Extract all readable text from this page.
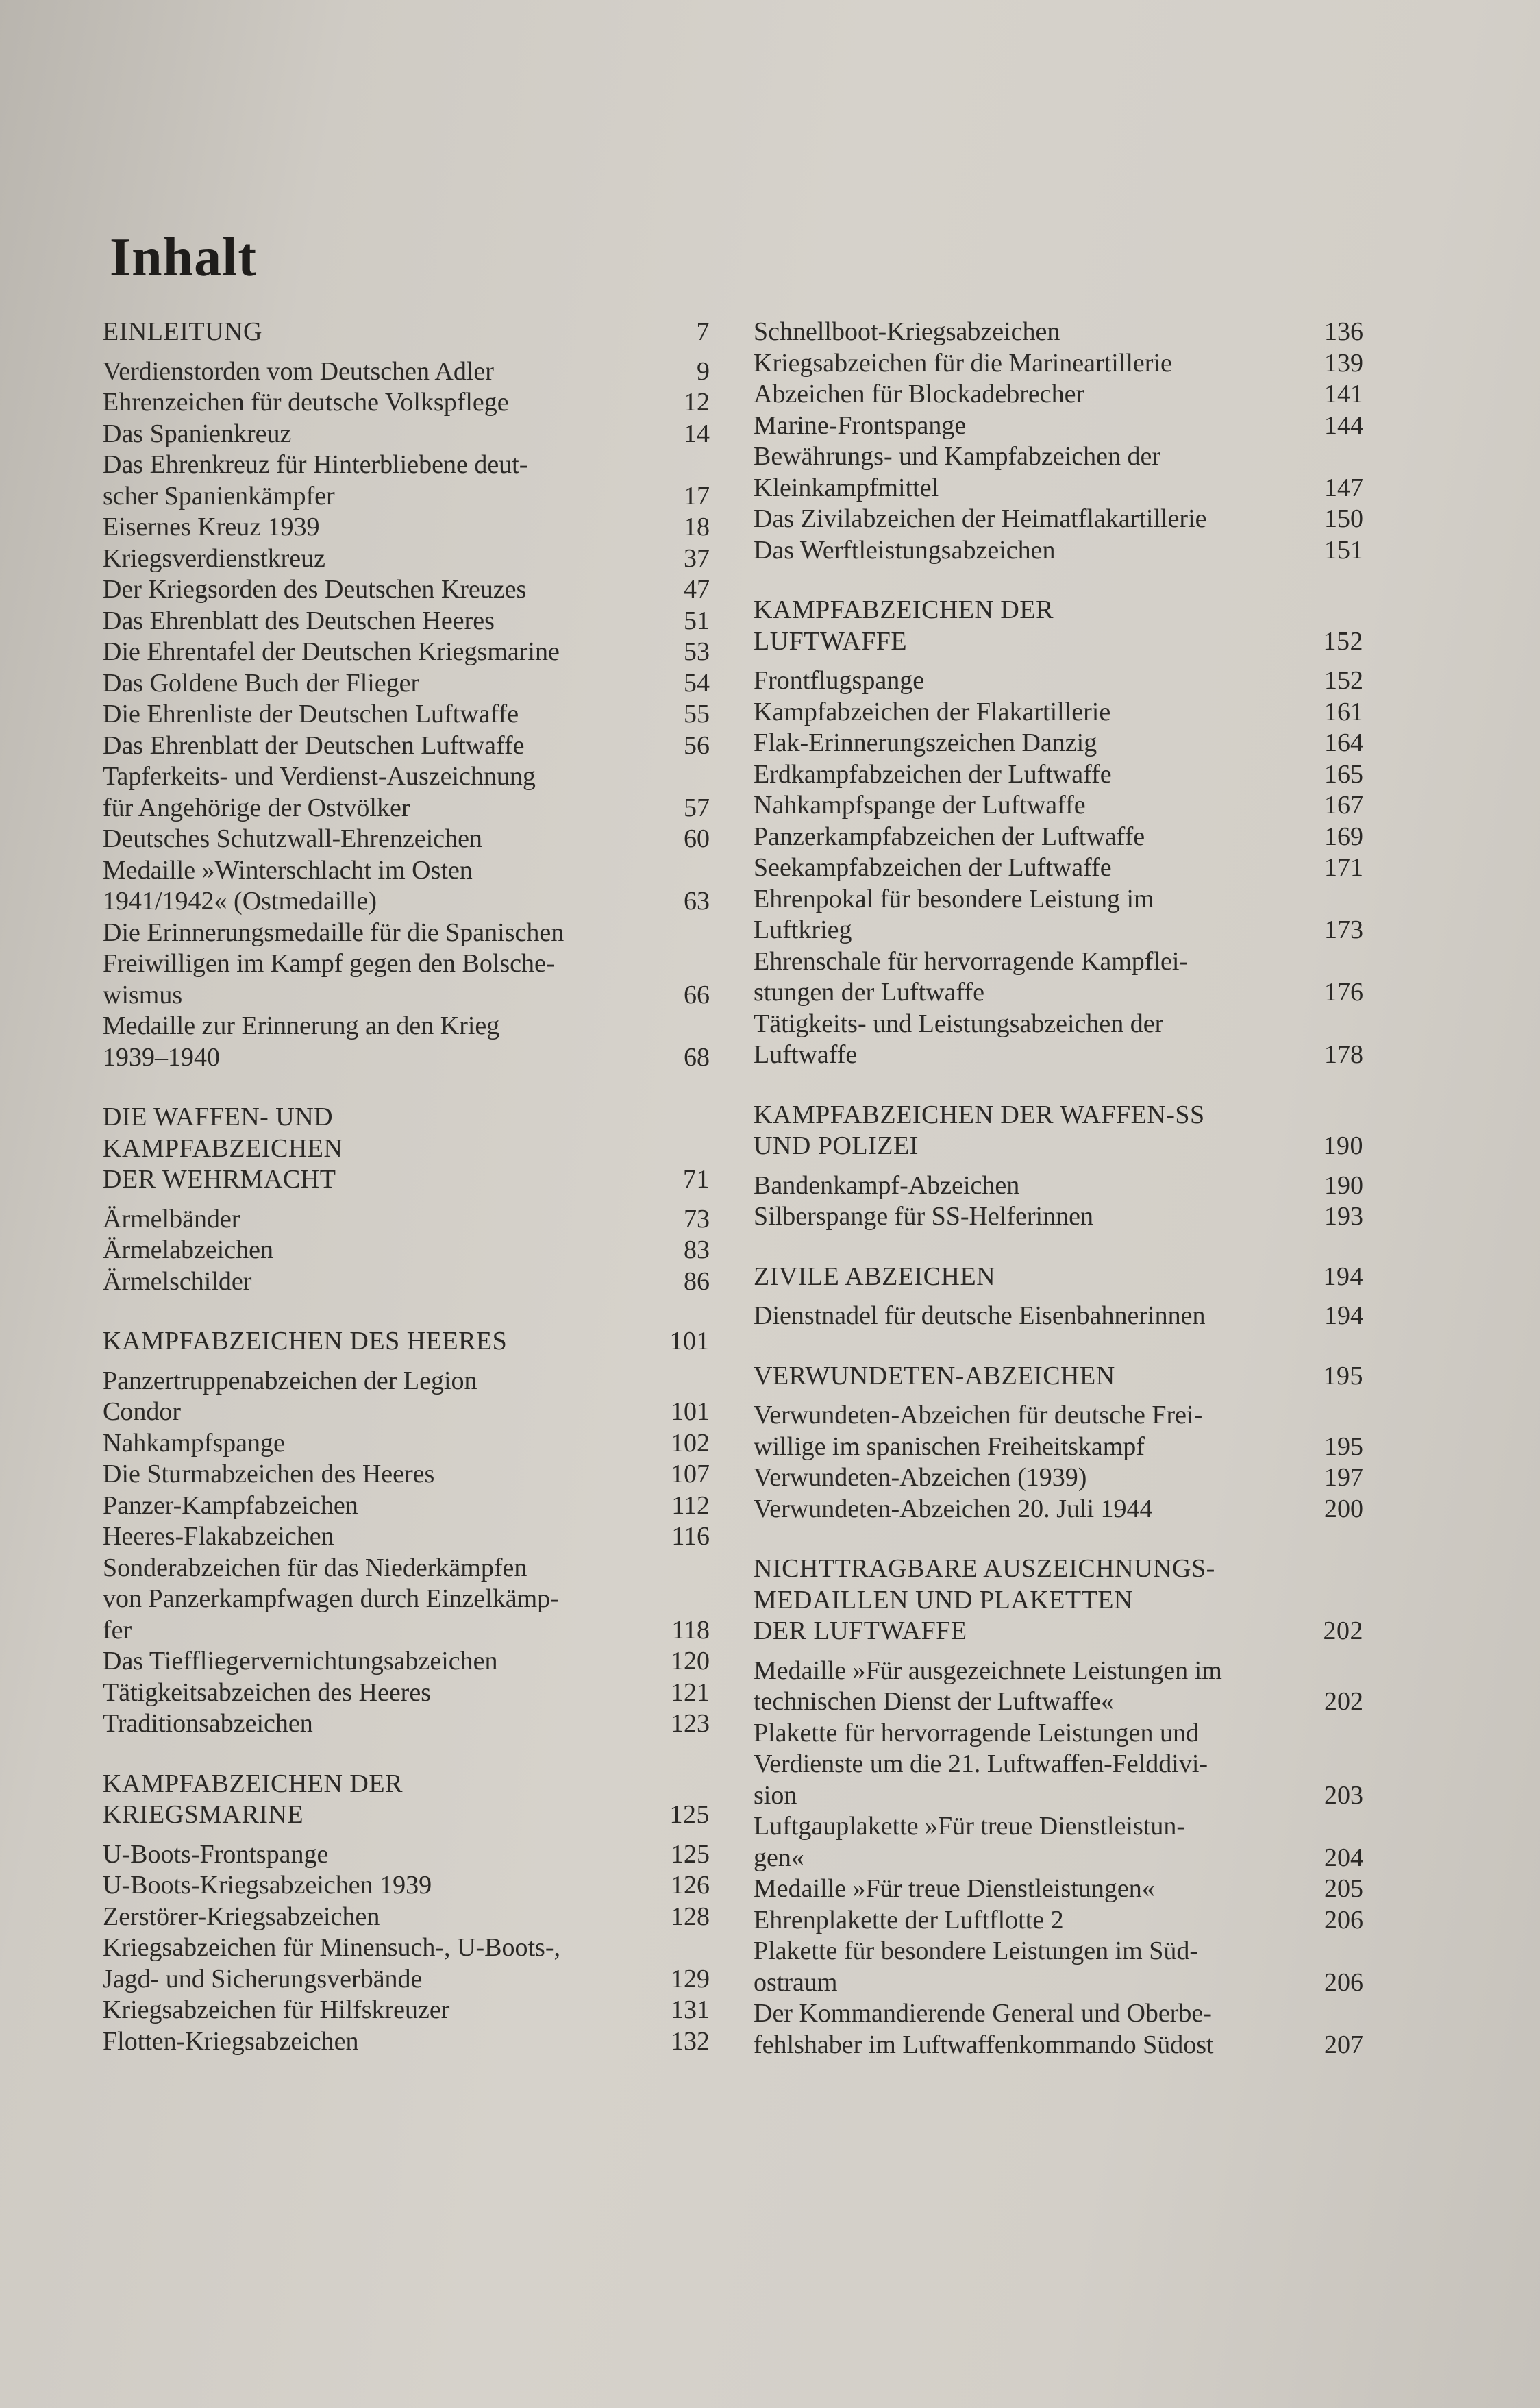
Inhalt
EINLEITUNG	7
Verdienstorden vom Deutschen Adler	9
Ehrenzeichen für deutsche Volkspflege	12
Das Spanienkreuz	14
Das Ehrenkreuz für Hinterbliebene deut-
scher Spanienkämpfer	17
Eisernes Kreuz 1939	18
Kriegsverdienstkreuz	37
Der Kriegsorden des Deutschen Kreuzes	47
Das Ehrenblatt des Deutschen Heeres	51
Die Ehrentafel der Deutschen Kriegsmarine	53
Das Goldene Buch der Flieger	54
Die Ehrenliste der Deutschen Luftwaffe	55
Das Ehrenblatt der Deutschen Luftwaffe	56
Tapferkeits- und Verdienst-Auszeichnung
für Angehörige der Ostvölker	57
Deutsches Schutzwall-Ehrenzeichen	60
Medaille »Winterschlacht im Osten
1941/1942« (Ostmedaille)	63
Die Erinnerungsmedaille für die Spanischen
Freiwilligen im Kampf gegen den Bolsche-
wismus	66
Medaille zur Erinnerung an den Krieg
1939–1940	68
DIE WAFFEN- UND
KAMPFABZEICHEN
DER WEHRMACHT	71
Ärmelbänder	73
Ärmelabzeichen	83
Ärmelschilder	86
KAMPFABZEICHEN DES HEERES	101
Panzertruppenabzeichen der Legion
Condor	101
Nahkampfspange	102
Die Sturmabzeichen des Heeres	107
Panzer-Kampfabzeichen	112
Heeres-Flakabzeichen	116
Sonderabzeichen für das Niederkämpfen
von Panzerkampfwagen durch Einzelkämp-
fer	118
Das Tieffliegervernichtungsabzeichen	120
Tätigkeitsabzeichen des Heeres	121
Traditionsabzeichen	123
KAMPFABZEICHEN DER
KRIEGSMARINE	125
U-Boots-Frontspange	125
U-Boots-Kriegsabzeichen 1939	126
Zerstörer-Kriegsabzeichen	128
Kriegsabzeichen für Minensuch-, U-Boots-,
Jagd- und Sicherungsverbände	129
Kriegsabzeichen für Hilfskreuzer	131
Flotten-Kriegsabzeichen	132
Schnellboot-Kriegsabzeichen	136
Kriegsabzeichen für die Marineartillerie	139
Abzeichen für Blockadebrecher	141
Marine-Frontspange	144
Bewährungs- und Kampfabzeichen der
Kleinkampfmittel	147
Das Zivilabzeichen der Heimatflakartillerie	150
Das Werftleistungsabzeichen	151
KAMPFABZEICHEN DER
LUFTWAFFE	152
Frontflugspange	152
Kampfabzeichen der Flakartillerie	161
Flak-Erinnerungszeichen Danzig	164
Erdkampfabzeichen der Luftwaffe	165
Nahkampfspange der Luftwaffe	167
Panzerkampfabzeichen der Luftwaffe	169
Seekampfabzeichen der Luftwaffe	171
Ehrenpokal für besondere Leistung im
Luftkrieg	173
Ehrenschale für hervorragende Kampflei-
stungen der Luftwaffe	176
Tätigkeits- und Leistungsabzeichen der
Luftwaffe	178
KAMPFABZEICHEN DER WAFFEN-SS
UND POLIZEI	190
Bandenkampf-Abzeichen	190
Silberspange für SS-Helferinnen	193
ZIVILE ABZEICHEN	194
Dienstnadel für deutsche Eisenbahnerinnen	194
VERWUNDETEN-ABZEICHEN	195
Verwundeten-Abzeichen für deutsche Frei-
willige im spanischen Freiheitskampf	195
Verwundeten-Abzeichen (1939)	197
Verwundeten-Abzeichen 20. Juli 1944	200
NICHTTRAGBARE AUSZEICHNUNGS-
MEDAILLEN UND PLAKETTEN
DER LUFTWAFFE	202
Medaille »Für ausgezeichnete Leistungen im
technischen Dienst der Luftwaffe«	202
Plakette für hervorragende Leistungen und
Verdienste um die 21. Luftwaffen-Felddivi-
sion	203
Luftgauplakette »Für treue Dienstleistun-
gen«	204
Medaille »Für treue Dienstleistungen«	205
Ehrenplakette der Luftflotte 2	206
Plakette für besondere Leistungen im Süd-
ostraum	206
Der Kommandierende General und Oberbe-
fehlshaber im Luftwaffenkommando Südost	207
